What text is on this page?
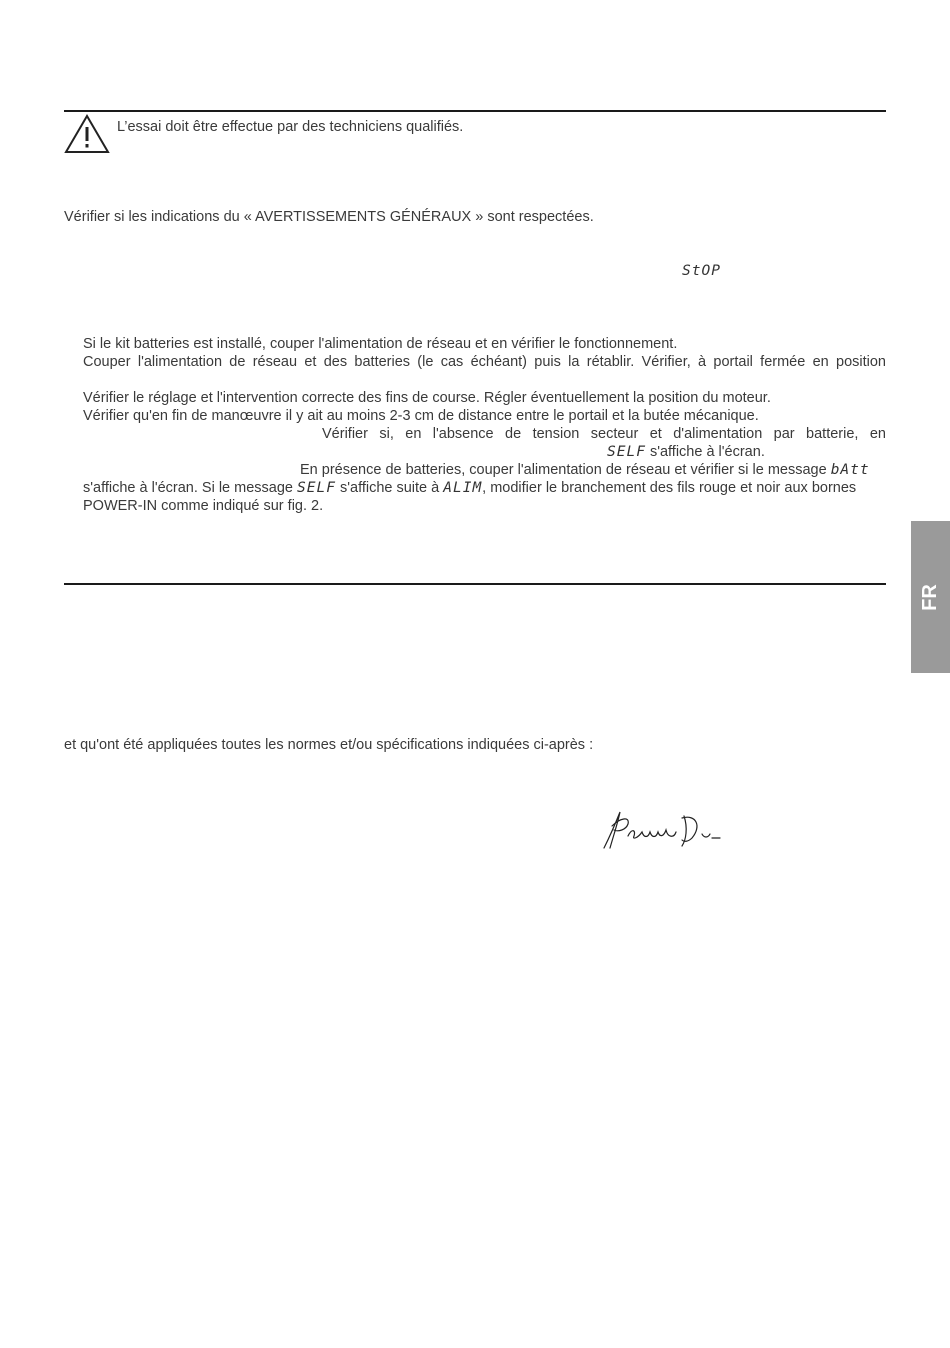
L’essai doit être effectue par des techniciens qualifiés.
Vérifier si les indications du « AVERTISSEMENTS GÉNÉRAUX » sont respectées.
StOP
Si le kit batteries est installé, couper l'alimentation de réseau et en vérifier le fonctionnement.
Couper l'alimentation de réseau et des batteries (le cas échéant) puis la rétablir. Vérifier, à portail fermée en position
Vérifier le réglage et l'intervention correcte des fins de course. Régler éventuellement la position du moteur.
Vérifier qu'en fin de manœuvre il y ait au moins 2-3 cm de distance entre le portail et la butée mécanique.
Vérifier si, en l'absence de tension secteur et d'alimentation par batterie, en
SELF s'affiche à l'écran.
En présence de batteries, couper l'alimentation de réseau et vérifier si le message bAtt
s'affiche à l'écran. Si le message SELF s'affiche suite à ALIM, modifier le branchement des fils rouge et noir aux bornes
POWER-IN comme indiqué sur fig. 2.
FR
et qu'ont été appliquées toutes les normes et/ou spécifications indiquées ci-après :
